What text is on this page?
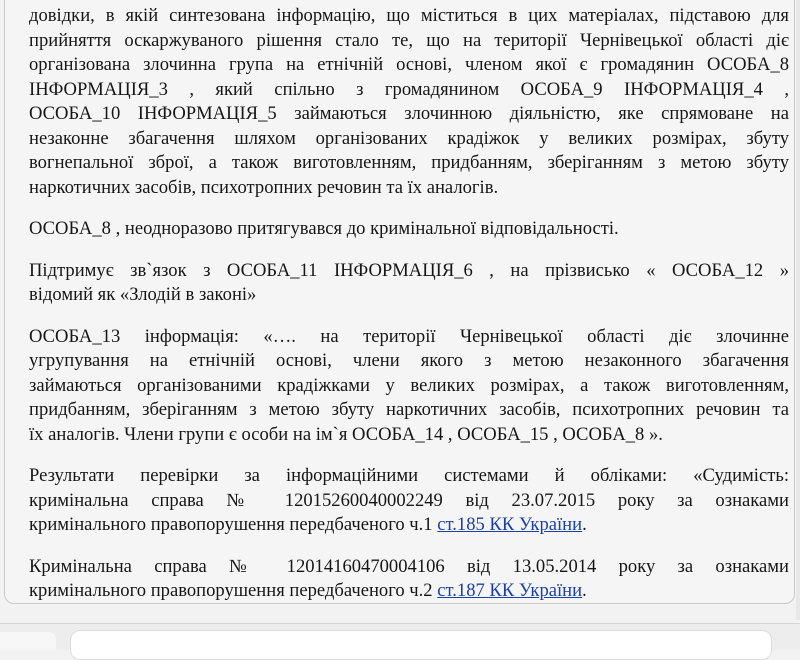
довідки, в якій синтезована інформацію, що міститься в цих матеріалах, підставою для
прийняття оскаржуваного рішення стало те, що на території Чернівецької області діє
організована злочинна група на етнічній основі, членом якої є громадянин ОСОБА_8
ІНФОРМАЦІЯ_3 , який спільно з громадянином ОСОБА_9 ІНФОРМАЦІЯ_4 ,
ОСОБА_10 ІНФОРМАЦІЯ_5 займаються злочинною діяльністю, яке спрямоване на
незаконне збагачення шляхом організованих крадіжок у великих розмірах, збуту
вогнепальної зброї, а також виготовленням, придбанням, зберіганням з метою збуту
наркотичних засобів, психотропних речовин та їх аналогів.

ОСОБА_8 , неодноразово притягувався до кримінальної відповідальності.

Підтримує зв`язок з ОСОБА_11 ІНФОРМАЦІЯ_6 , на прізвисько « ОСОБА_12 »
відомий як «Злодій в законі»

ОСОБА_13 інформація: «…. на території Чернівецької області діє злочинне
угрупування на етнічній основі, члени якого з метою незаконного збагачення
займаються організованими крадіжками у великих розмірах, а також виготовленням,
придбанням, зберіганням з метою збуту наркотичних засобів, психотропних речовин та
їх аналогів. Члени групи є особи на ім`я ОСОБА_14 , ОСОБА_15 , ОСОБА_8 ».

Результати перевірки за інформаційними системами й обліками: «Судимість:
кримінальна справа № 12015260040002249 від 23.07.2015 року за ознаками
кримінального правопорушення передбаченого ч.1 ст.185 КК України.

Кримінальна справа № 12014160470004106 від 13.05.2014 року за ознаками
кримінального правопорушення передбаченого ч.2 ст.187 КК України.
